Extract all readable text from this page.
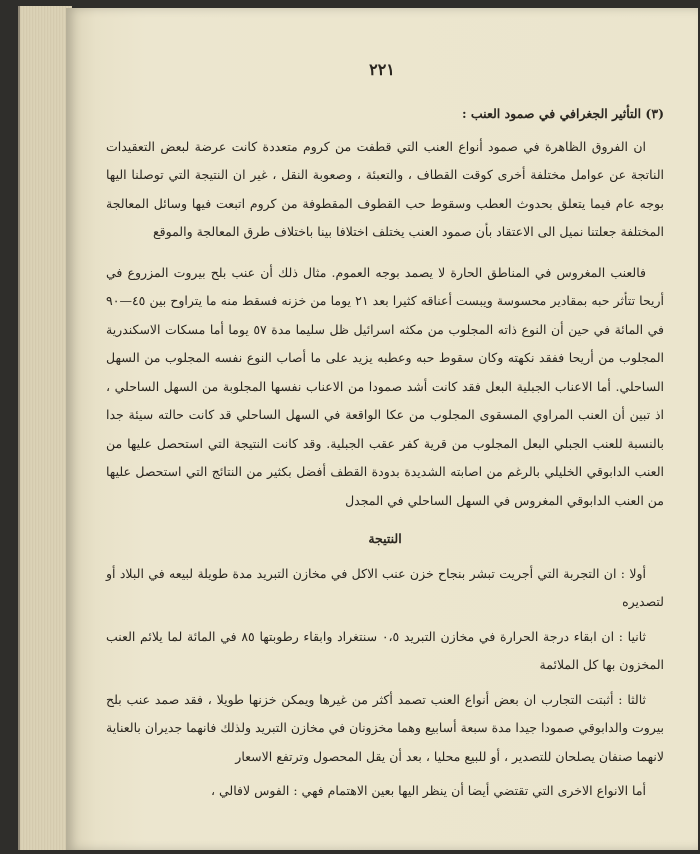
٢٢١

(٣) التأثير الجغرافي في صمود العنب :

ان الفروق الظاهرة في صمود أنواع العنب التي قطفت من كروم متعددة كانت عرضة لبعض التعقيدات الناتجة عن عوامل مختلفة أخرى كوقت القطاف ، والتعبئة ، وصعوبة النقل ، غير ان النتيجة التي توصلنا اليها بوجه عام فيما يتعلق بحدوث العطب وسقوط حب القطوف المقطوفة من كروم اتبعت فيها وسائل المعالجة المختلفة جعلتنا نميل الى الاعتقاد بأن صمود العنب يختلف اختلافا بينا باختلاف طرق المعالجة والموقع

فالعنب المغروس في المناطق الحارة لا يصمد بوجه العموم. مثال ذلك أن عنب بلح بيروت المزروع في أريحا تتأثر حبه بمقادير محسوسة ويبست أعناقه كثيرا بعد ٢١ يوما من خزنه فسقط منه ما يتراوح بين ٤٥—٩٠ في المائة في حين أن النوع ذاته المجلوب من مكثه اسرائيل ظل سليما مدة ٥٧ يوما أما مسكات الاسكندرية المجلوب من أريحا ففقد نكهته وكان سقوط حبه وعطبه يزيد على ما أصاب النوع نفسه المجلوب من السهل الساحلي. أما الاعناب الجبلية البعل فقد كانت أشد صمودا من الاعناب نفسها المجلوبة من السهل الساحلي ، اذ تبين أن العنب المراوي المسقوى المجلوب من عكا الواقعة في السهل الساحلي قد كانت حالته سيئة جدا بالنسبة للعنب الجبلي البعل المجلوب من قرية كفر عقب الجبلية. وقد كانت النتيجة التي استحصل عليها من العنب الدابوقي الخليلي بالرغم من اصابته الشديدة بدودة القطف أفضل بكثير من النتائج التي استحصل عليها من العنب الدابوقي المغروس في السهل الساحلي في المجدل

النتيجة

أولا : ان التجربة التي أجريت تبشر بنجاح خزن عنب الاكل في مخازن التبريد مدة طويلة لبيعه في البلاد أو لتصديره

ثانيا : ان ابقاء درجة الحرارة في مخازن التبريد ٠،٥ سنتغراد وابقاء رطوبتها ٨٥ في المائة لما يلائم العنب المخزون بها كل الملائمة

ثالثا : أثبتت التجارب ان بعض أنواع العنب تصمد أكثر من غيرها ويمكن خزنها طويلا ، فقد صمد عنب بلح بيروت والدابوقي صمودا جيدا مدة سبعة أسابيع وهما مخزونان في مخازن التبريد ولذلك فانهما جديران بالعناية لانهما صنفان يصلحان للتصدير ، أو للبيع محليا ، بعد أن يقل المحصول وترتفع الاسعار

أما الانواع الاخرى التي تقتضي أيضا أن ينظر اليها بعين الاهتمام فهي : الفوس لافالي ،
